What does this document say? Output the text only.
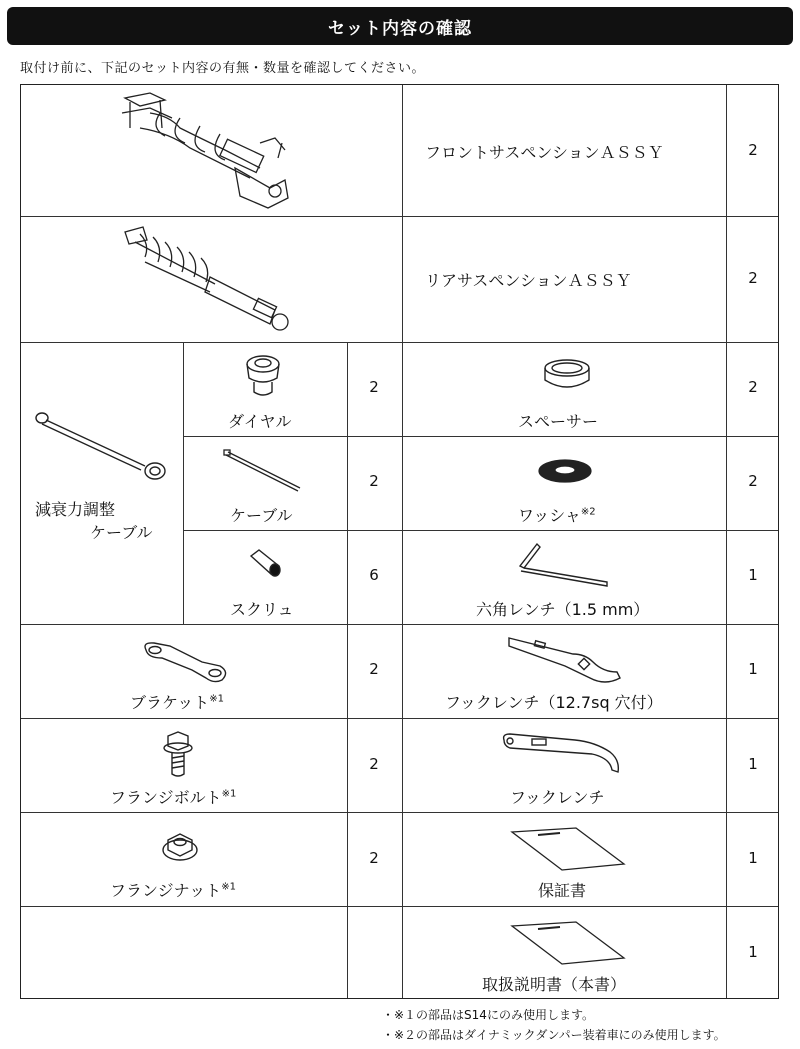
セット内容の確認
取付け前に、下記のセット内容の有無・数量を確認してください。
フロントサスペンションＡＳＳＹ	2
リアサスペンションＡＳＳＹ	2
減衰力調整
ケーブル
ダイヤル
2
ケーブル
2
スクリュ
6
スペーサー
2
ワッシャ$^{※2}$
2
六角レンチ（1.5 mm）
1
ブラケット$^{※1}$
2
フックレンチ（12.7sq 穴付）
1
フランジボルト$^{※1}$
2
フックレンチ
1
フランジナット$^{※1}$
2
保証書
1
取扱説明書（本書）
1
・※１の部品はS14にのみ使用します。
・※２の部品はダイナミックダンパー装着車にのみ使用します。
